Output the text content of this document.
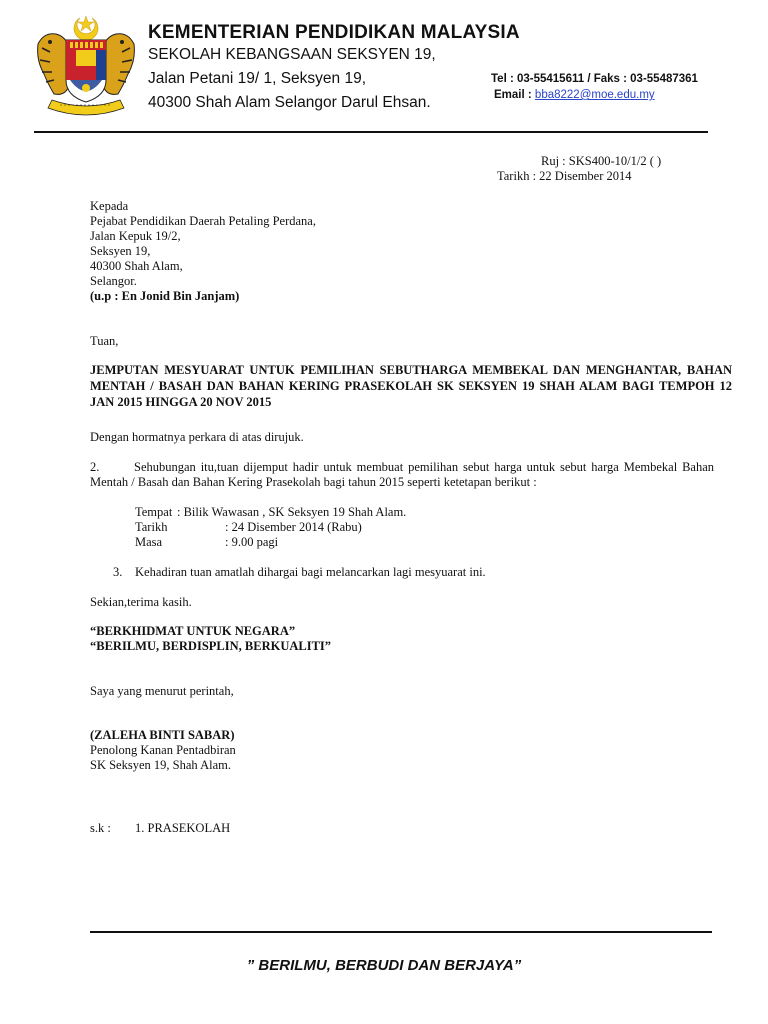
KEMENTERIAN PENDIDIKAN MALAYSIA
SEKOLAH KEBANGSAAN SEKSYEN 19,
Jalan Petani 19/ 1, Seksyen 19,
40300 Shah Alam Selangor Darul Ehsan.
Tel : 03-55415611 / Faks : 03-55487361
Email : bba8222@moe.edu.my
Ruj : SKS400-10/1/2 ( )
Tarikh : 22 Disember 2014
Kepada
Pejabat Pendidikan Daerah Petaling Perdana,
Jalan Kepuk 19/2,
Seksyen 19,
40300 Shah Alam,
Selangor.
(u.p : En Jonid Bin Janjam)
Tuan,
JEMPUTAN MESYUARAT UNTUK PEMILIHAN SEBUTHARGA MEMBEKAL DAN MENGHANTAR, BAHAN
MENTAH / BASAH DAN BAHAN KERING PRASEKOLAH SK SEKSYEN 19 SHAH ALAM BAGI TEMPOH 12
JAN 2015 HINGGA 20 NOV 2015
Dengan hormatnya perkara di atas dirujuk.
2.	Sehubungan itu,tuan dijemput hadir untuk membuat pemilihan sebut harga untuk sebut harga Membekal Bahan
Mentah / Basah dan Bahan Kering Prasekolah bagi tahun 2015 seperti ketetapan berikut :
Tempat : Bilik Wawasan , SK Seksyen 19 Shah Alam.
Tarikh	: 24 Disember 2014 (Rabu)
Masa	: 9.00 pagi
3. Kehadiran tuan amatlah dihargai bagi melancarkan lagi mesyuarat ini.
Sekian,terima kasih.
“BERKHIDMAT UNTUK NEGARA”
“BERILMU, BERDISPLIN, BERKUALITI”
Saya yang menurut perintah,
(ZALEHA BINTI SABAR)
Penolong Kanan Pentadbiran
SK Seksyen 19, Shah Alam.
s.k : 1. PRASEKOLAH
” BERILMU, BERBUDI DAN BERJAYA”
